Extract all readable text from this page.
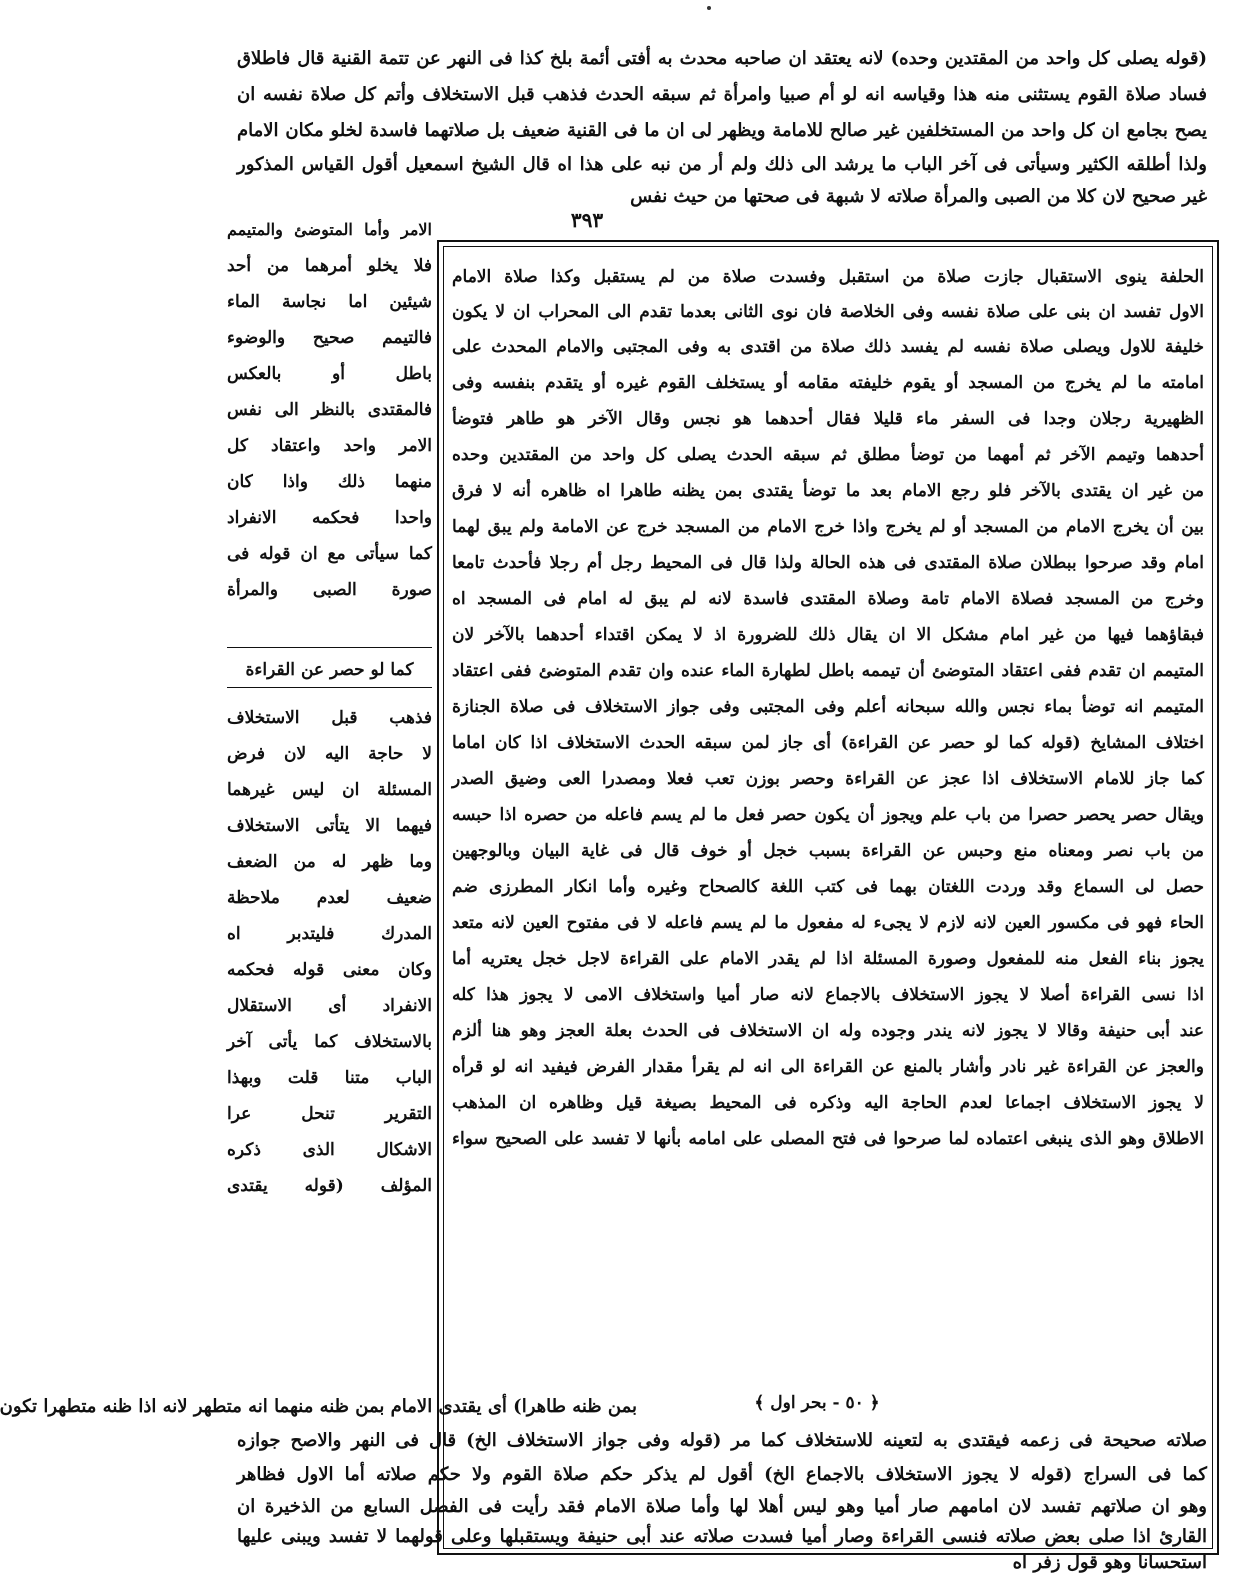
(قوله يصلى كل واحد من المقتدين وحده) لانه يعتقد ان صاحبه محدث به أفتى أئمة بلخ كذا فى النهر عن تتمة القنية قال فاطلاق
فساد صلاة القوم يستثنى منه هذا وقياسه انه لو أم صبيا وامرأة ثم سبقه الحدث فذهب قبل الاستخلاف وأتم كل صلاة نفسه ان
يصح بجامع ان كل واحد من المستخلفين غير صالح للامامة ويظهر لى ان ما فى القنية ضعيف بل صلاتهما فاسدة لخلو مكان الامام
ولذا أطلقه الكثير وسيأتى فى آخر الباب ما يرشد الى ذلك ولم أر من نبه على هذا اه قال الشيخ اسمعيل أقول القياس المذكور
غير صحيح لان كلا من الصبى والمرأة صلاته لا شبهة فى صحتها من حيث نفس
٣٩٣
الحلفة ينوى الاستقبال جازت صلاة من استقبل وفسدت صلاة من لم يستقبل وكذا صلاة الامام
الاول تفسد ان بنى على صلاة نفسه وفى الخلاصة فان نوى الثانى بعدما تقدم الى المحراب ان لا يكون
خليفة للاول ويصلى صلاة نفسه لم يفسد ذلك صلاة من اقتدى به وفى المجتبى والامام المحدث على
امامته ما لم يخرج من المسجد أو يقوم خليفته مقامه أو يستخلف القوم غيره أو يتقدم بنفسه وفى
الظهيرية رجلان وجدا فى السفر ماء قليلا فقال أحدهما هو نجس وقال الآخر هو طاهر فتوضأ
أحدهما وتيمم الآخر ثم أمهما من توضأ مطلق ثم سبقه الحدث يصلى كل واحد من المقتدين وحده
من غير ان يقتدى بالآخر فلو رجع الامام بعد ما توضأ يقتدى بمن يظنه طاهرا اه ظاهره أنه لا فرق
بين أن يخرج الامام من المسجد أو لم يخرج واذا خرج الامام من المسجد خرج عن الامامة ولم يبق لهما
امام وقد صرحوا ببطلان صلاة المقتدى فى هذه الحالة ولذا قال فى المحيط رجل أم رجلا فأحدث تامعا
وخرج من المسجد فصلاة الامام تامة وصلاة المقتدى فاسدة لانه لم يبق له امام فى المسجد اه
فبقاؤهما فيها من غير امام مشكل الا ان يقال ذلك للضرورة اذ لا يمكن اقتداء أحدهما بالآخر لان
المتيمم ان تقدم ففى اعتقاد المتوضئ أن تيممه باطل لطهارة الماء عنده وان تقدم المتوضئ ففى اعتقاد
المتيمم انه توضأ بماء نجس والله سبحانه أعلم وفى المجتبى وفى جواز الاستخلاف فى صلاة الجنازة
اختلاف المشايخ (قوله كما لو حصر عن القراءة) أى جاز لمن سبقه الحدث الاستخلاف اذا كان اماما
كما جاز للامام الاستخلاف اذا عجز عن القراءة وحصر بوزن تعب فعلا ومصدرا العى وضيق الصدر
ويقال حصر يحصر حصرا من باب علم ويجوز أن يكون حصر فعل ما لم يسم فاعله من حصره اذا حبسه
من باب نصر ومعناه منع وحبس عن القراءة بسبب خجل أو خوف قال فى غاية البيان وبالوجهين
حصل لى السماع وقد وردت اللغتان بهما فى كتب اللغة كالصحاح وغيره وأما انكار المطرزى ضم
الحاء فهو فى مكسور العين لانه لازم لا يجىء له مفعول ما لم يسم فاعله لا فى مفتوح العين لانه متعد
يجوز بناء الفعل منه للمفعول وصورة المسئلة اذا لم يقدر الامام على القراءة لاجل خجل يعتريه أما
اذا نسى القراءة أصلا لا يجوز الاستخلاف بالاجماع لانه صار أميا واستخلاف الامى لا يجوز هذا كله
عند أبى حنيفة وقالا لا يجوز لانه يندر وجوده وله ان الاستخلاف فى الحدث بعلة العجز وهو هنا ألزم
والعجز عن القراءة غير نادر وأشار بالمنع عن القراءة الى انه لم يقرأ مقدار الفرض فيفيد انه لو قرأه
لا يجوز الاستخلاف اجماعا لعدم الحاجة اليه وذكره فى المحيط بصيغة قيل وظاهره ان المذهب
الاطلاق وهو الذى ينبغى اعتماده لما صرحوا فى فتح المصلى على امامه بأنها لا تفسد على الصحيح سواء
الامر وأما المتوضئ والمتيمم
فلا يخلو أمرهما من أحد
شيئين اما نجاسة الماء
فالتيمم صحيح والوضوء
باطل أو بالعكس
فالمقتدى بالنظر الى نفس
الامر واحد واعتقاد كل
منهما ذلك واذا كان
واحدا فحكمه الانفراد
كما سيأتى مع ان قوله فى
صورة الصبى والمرأة
كما لو حصر عن القراءة
فذهب قبل الاستخلاف
لا حاجة اليه لان فرض
المسئلة ان ليس غيرهما
فيهما الا يتأتى الاستخلاف
وما ظهر له من الضعف
ضعيف لعدم ملاحظة
المدرك فليتدبر اه
وكان معنى قوله فحكمه
الانفراد أى الاستقلال
بالاستخلاف كما يأتى آخر
الباب متنا قلت وبهذا
التقرير تنحل عرا
الاشكال الذى ذكره
المؤلف (قوله يقتدى
﴿ ٥٠ - بحر اول ﴾
بمن ظنه طاهرا) أى يقتدى الامام بمن ظنه منهما انه متطهر لانه اذا ظنه متطهرا تكون
صلاته صحيحة فى زعمه فيقتدى به لتعينه للاستخلاف كما مر (قوله وفى جواز الاستخلاف الخ) قال فى النهر والاصح جوازه
كما فى السراج (قوله لا يجوز الاستخلاف بالاجماع الخ) أقول لم يذكر حكم صلاة القوم ولا حكم صلاته أما الاول فظاهر
وهو ان صلاتهم تفسد لان امامهم صار أميا وهو ليس أهلا لها وأما صلاة الامام فقد رأيت فى الفصل السابع من الذخيرة ان
القارئ اذا صلى بعض صلاته فنسى القراءة وصار أميا فسدت صلاته عند أبى حنيفة ويستقبلها وعلى قولهما لا تفسد ويبنى عليها
استحسانا وهو قول زفر اه
